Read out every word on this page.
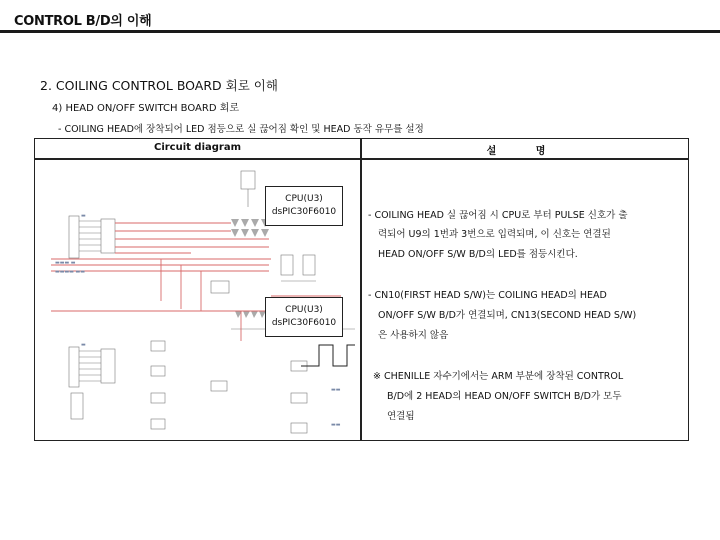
CONTROL B/D의 이해
2. COILING CONTROL BOARD 회로 이해
4) HEAD ON/OFF SWITCH BOARD 회로
- COILING HEAD에 장착되어 LED 점등으로 실 끊어짐 확인 및 HEAD 동작 유무를 설정
Circuit diagram	설 명
▬▬▬ ▬
▬▬▬▬ ▬▬
▬
▬
▬▬
▬▬
CPU(U3)
dsPIC30F6010
CPU(U3)
dsPIC30F6010
- COILING HEAD 실 끊어짐 시 CPU로 부터 PULSE 신호가 출
력되어 U9의 1번과 3번으로 입력되며, 이 신호는 연결된
HEAD ON/OFF S/W B/D의 LED를 점등시킨다.
- CN10(FIRST HEAD S/W)는 COILING HEAD의 HEAD
ON/OFF S/W B/D가 연결되며, CN13(SECOND HEAD S/W)
은 사용하지 않음
※ CHENILLE 자수기에서는 ARM 부분에 장착된 CONTROL
B/D에 2 HEAD의 HEAD ON/OFF SWITCH B/D가 모두
연결됨
